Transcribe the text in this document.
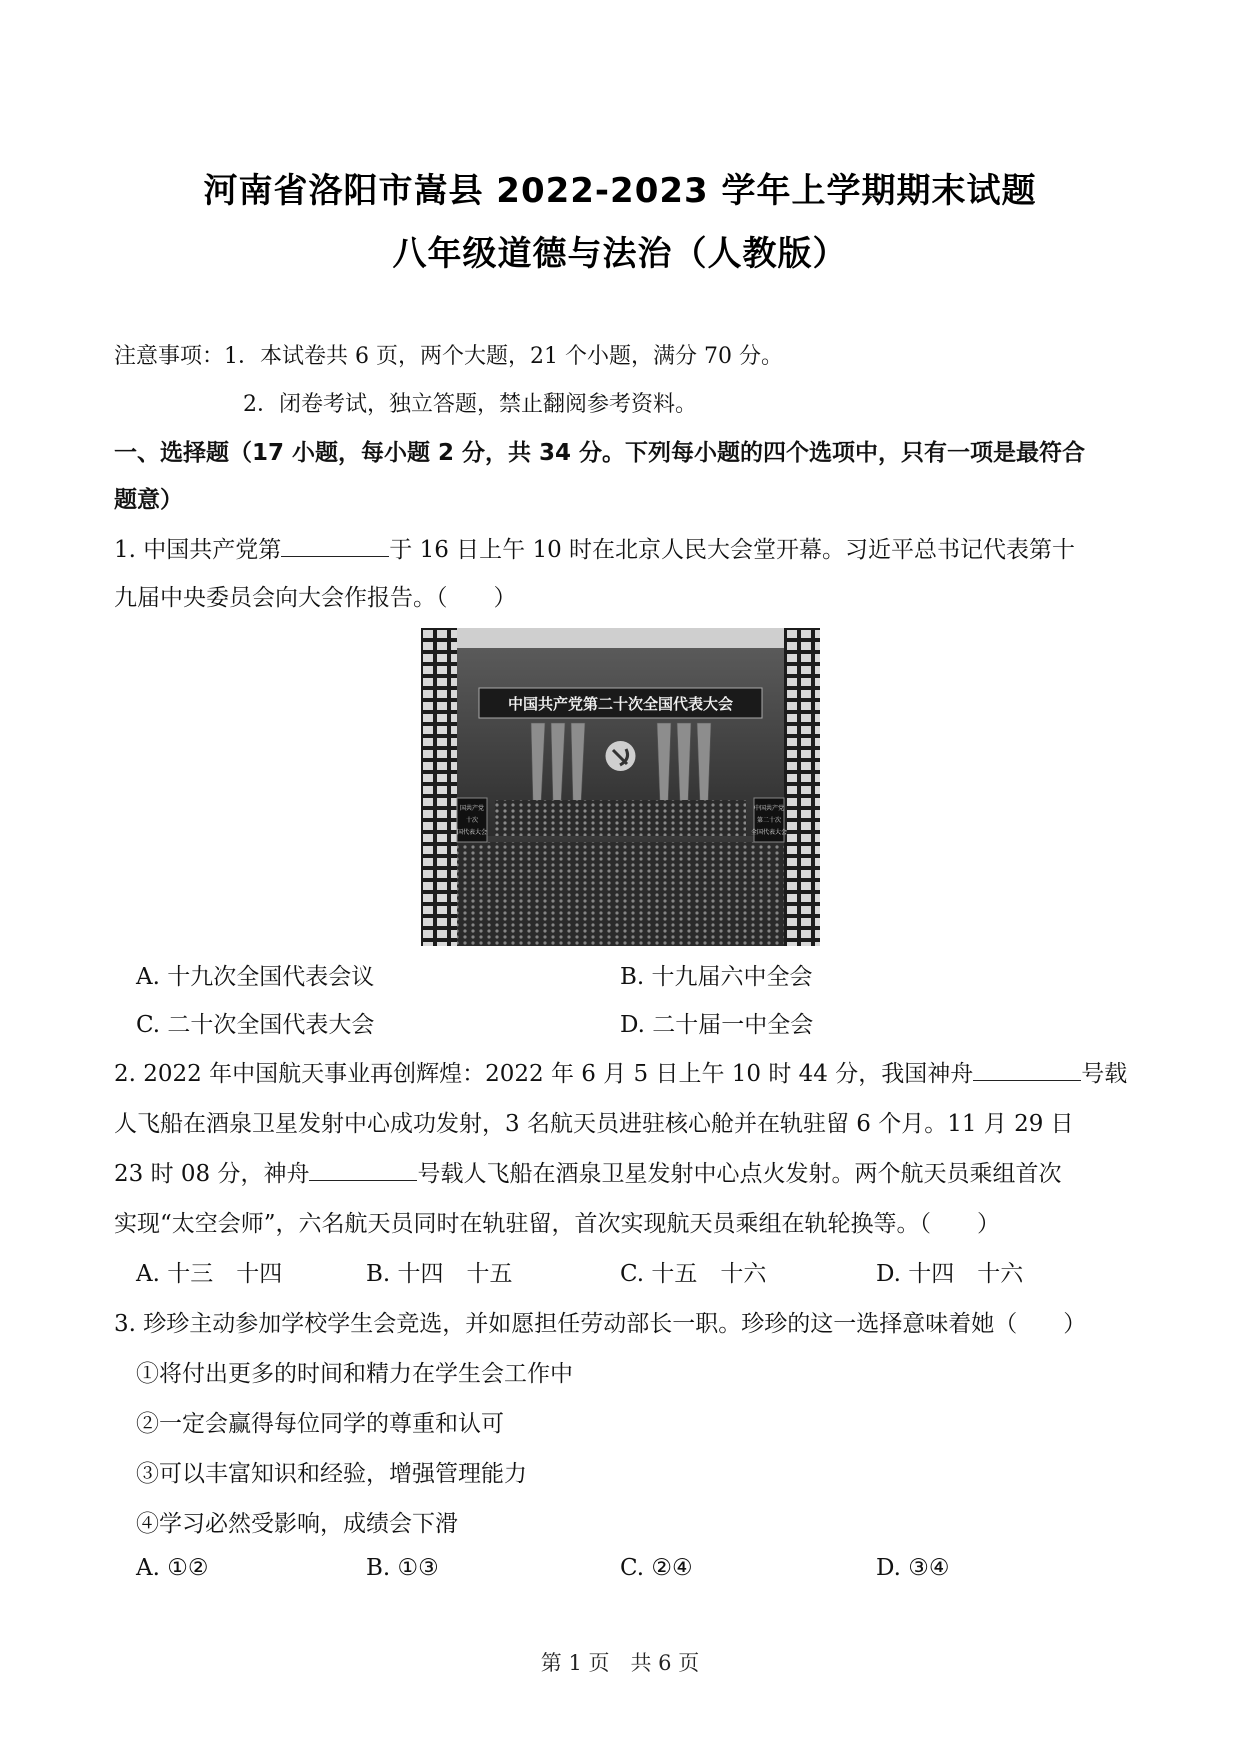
河南省洛阳市嵩县 2022-2023 学年上学期期末试题
八年级道德与法治（人教版）
注意事项：1．本试卷共 6 页，两个大题，21 个小题，满分 70 分。
2．闭卷考试，独立答题，禁止翻阅参考资料。
一、选择题（17 小题，每小题 2 分，共 34 分。下列每小题的四个选项中，只有一项是最符合
题意）
1. 中国共产党第	于 16 日上午 10 时在北京人民大会堂开幕。习近平总书记代表第十
九届中央委员会向大会作报告。（　　）
中国共产党第二十次全国代表大会
国共产党
十次
国代表大会
中国共产党
第二十次
全国代表大会
A. 十九次全国代表会议	B. 十九届六中全会
C. 二十次全国代表大会	D. 二十届一中全会
2. 2022 年中国航天事业再创辉煌：2022 年 6 月 5 日上午 10 时 44 分，我国神舟	号载
人飞船在酒泉卫星发射中心成功发射，3 名航天员进驻核心舱并在轨驻留 6 个月。11 月 29 日
23 时 08 分，神舟	号载人飞船在酒泉卫星发射中心点火发射。两个航天员乘组首次
实现“太空会师”，六名航天员同时在轨驻留，首次实现航天员乘组在轨轮换等。（　　）
A. 十三　十四	B. 十四　十五	C. 十五　十六	D. 十四　十六
3. 珍珍主动参加学校学生会竞选，并如愿担任劳动部长一职。珍珍的这一选择意味着她（　　）
①将付出更多的时间和精力在学生会工作中
②一定会赢得每位同学的尊重和认可
③可以丰富知识和经验，增强管理能力
④学习必然受影响，成绩会下滑
A. ①②	B. ①③	C. ②④	D. ③④
第 1 页　共 6 页
